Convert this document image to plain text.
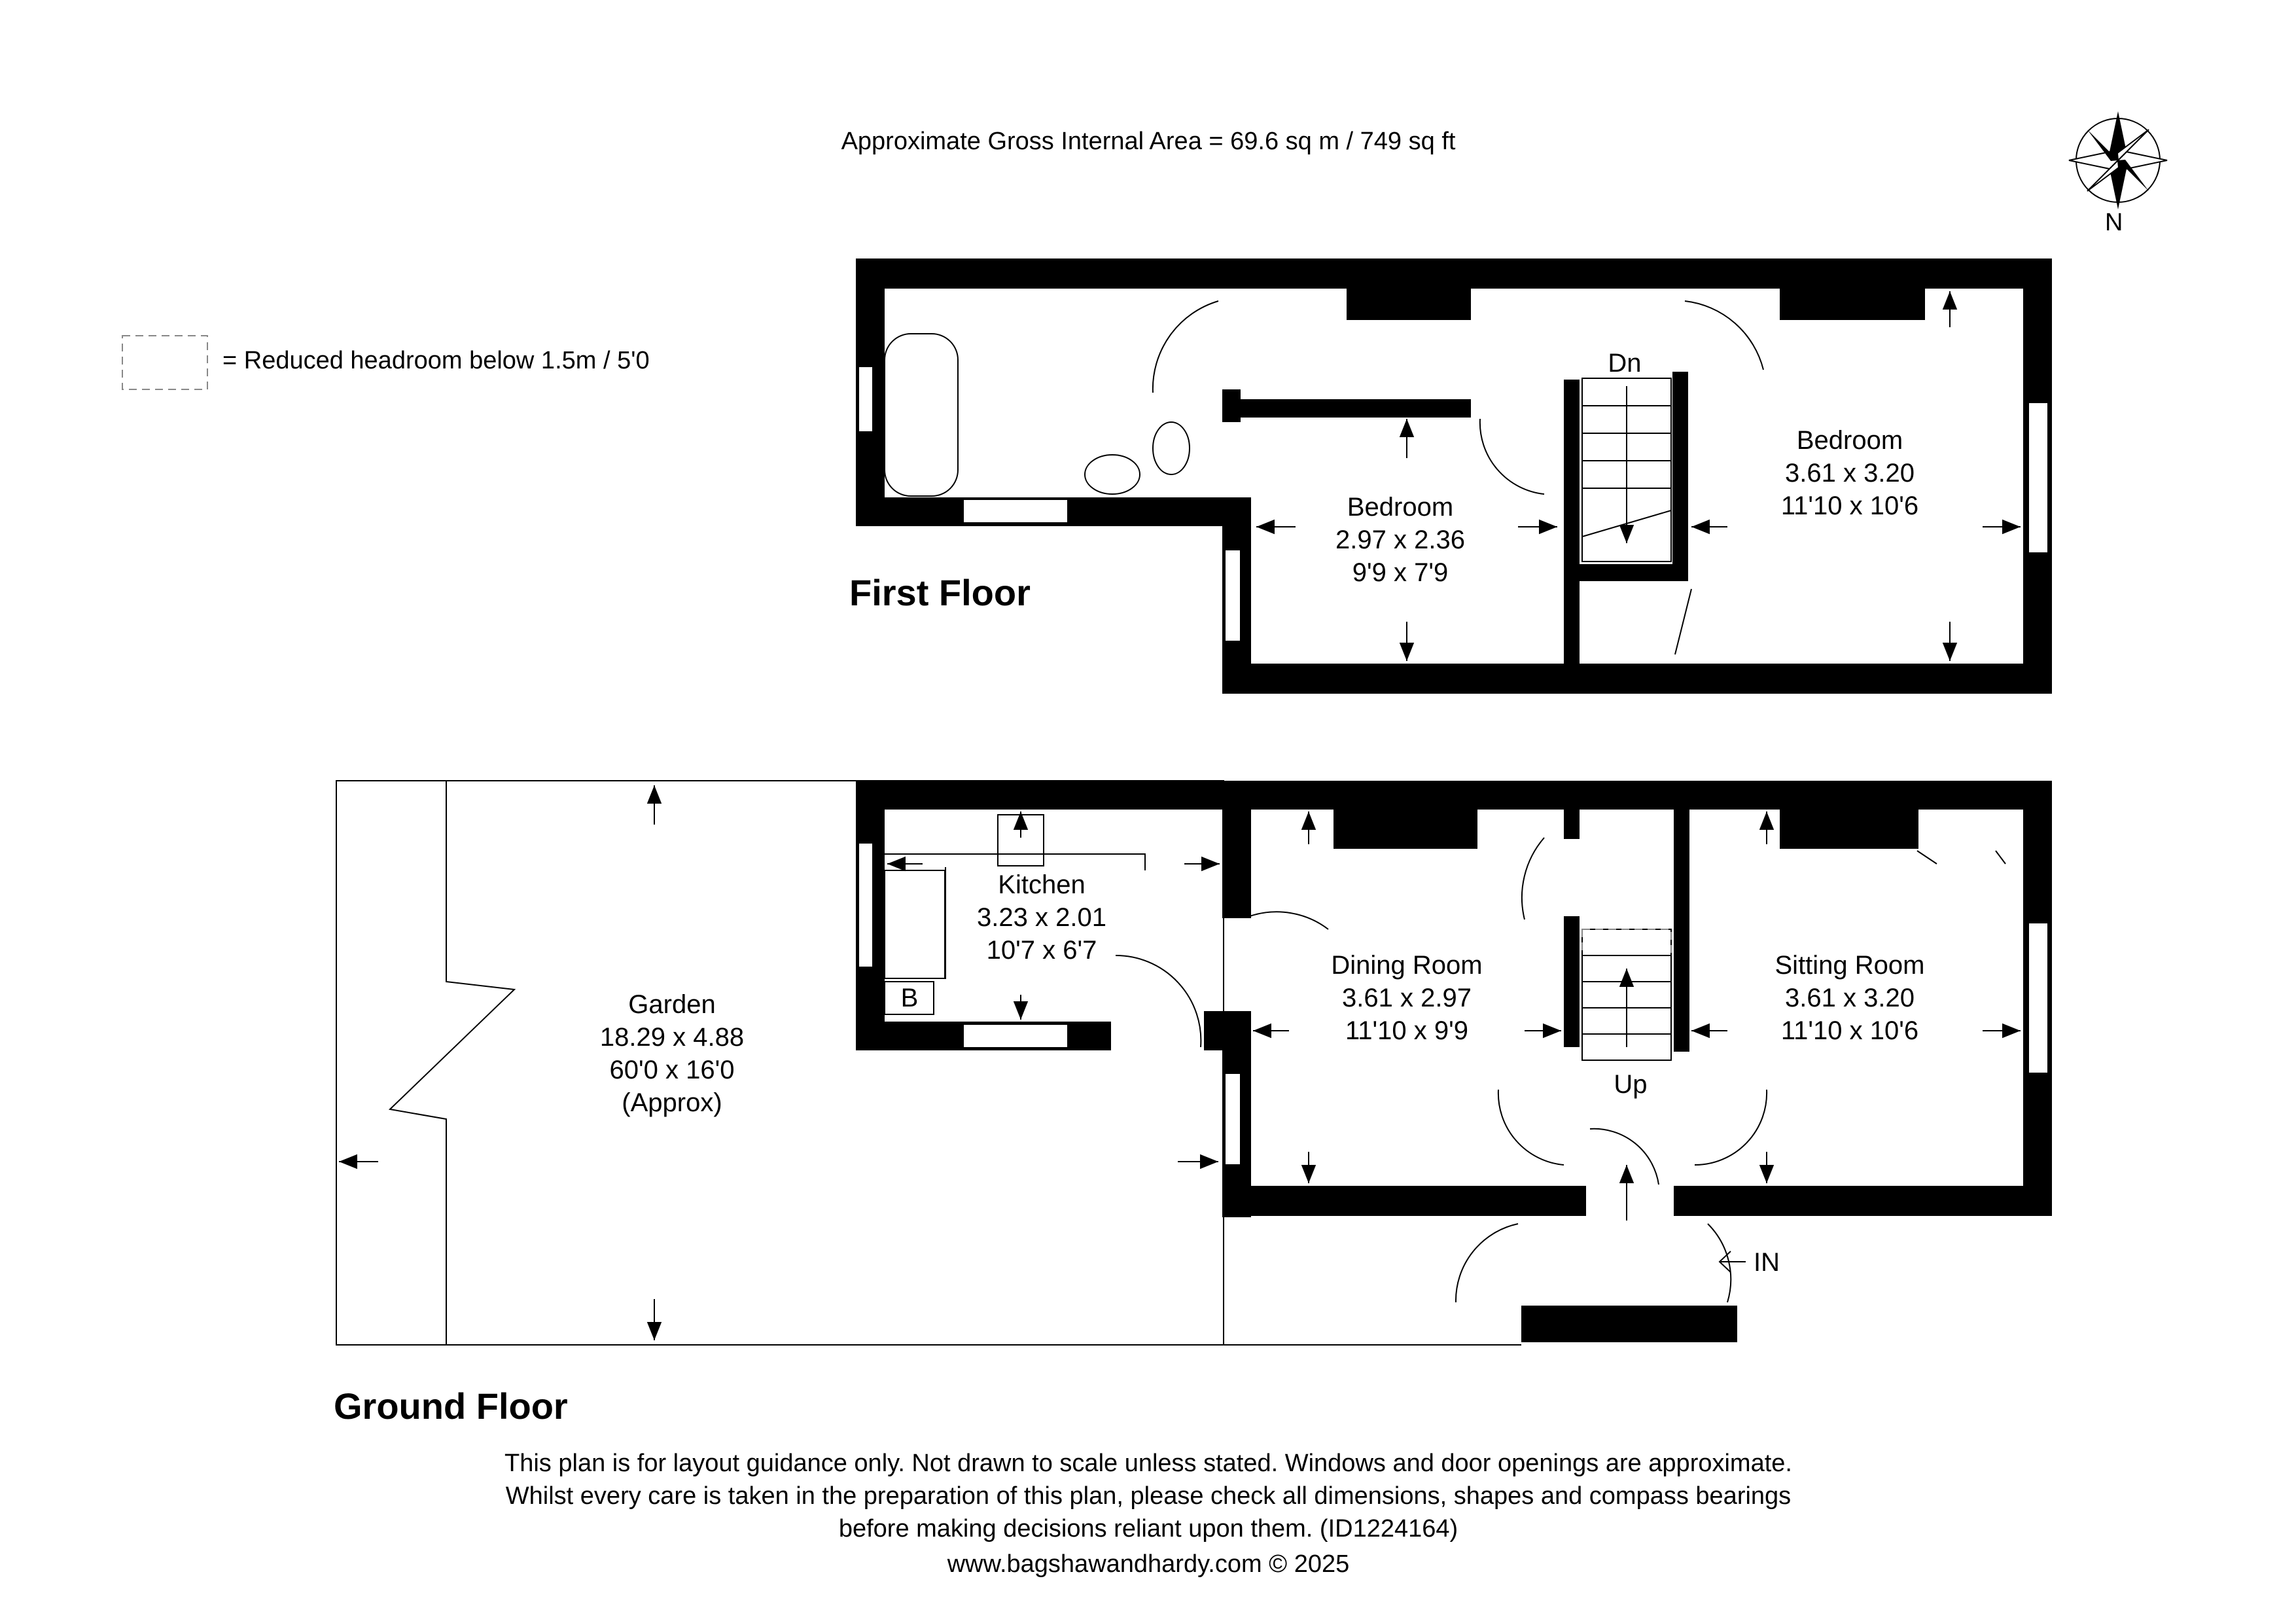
Approximate Gross Internal Area = 69.6 sq m / 749 sq ft
N
= Reduced headroom below 1.5m / 5'0	Dn
Bedroom
2.97 x 2.36
9'9 x 7'9
Bedroom
3.61 x 3.20
11'10 x 10'6
First Floor
Kitchen
3.23 x 2.01
10'7 x 6'7
B
Dining Room
3.61 x 2.97
11'10 x 9'9
Sitting Room
3.61 x 3.20
11'10 x 10'6
Up
Garden
18.29 x 4.88
60'0 x 16'0
(Approx)
IN
Ground Floor
This plan is for layout guidance only. Not drawn to scale unless stated. Windows and door openings are approximate.
Whilst every care is taken in the preparation of this plan, please check all dimensions, shapes and compass bearings
before making decisions reliant upon them. (ID1224164)
www.bagshawandhardy.com © 2025
